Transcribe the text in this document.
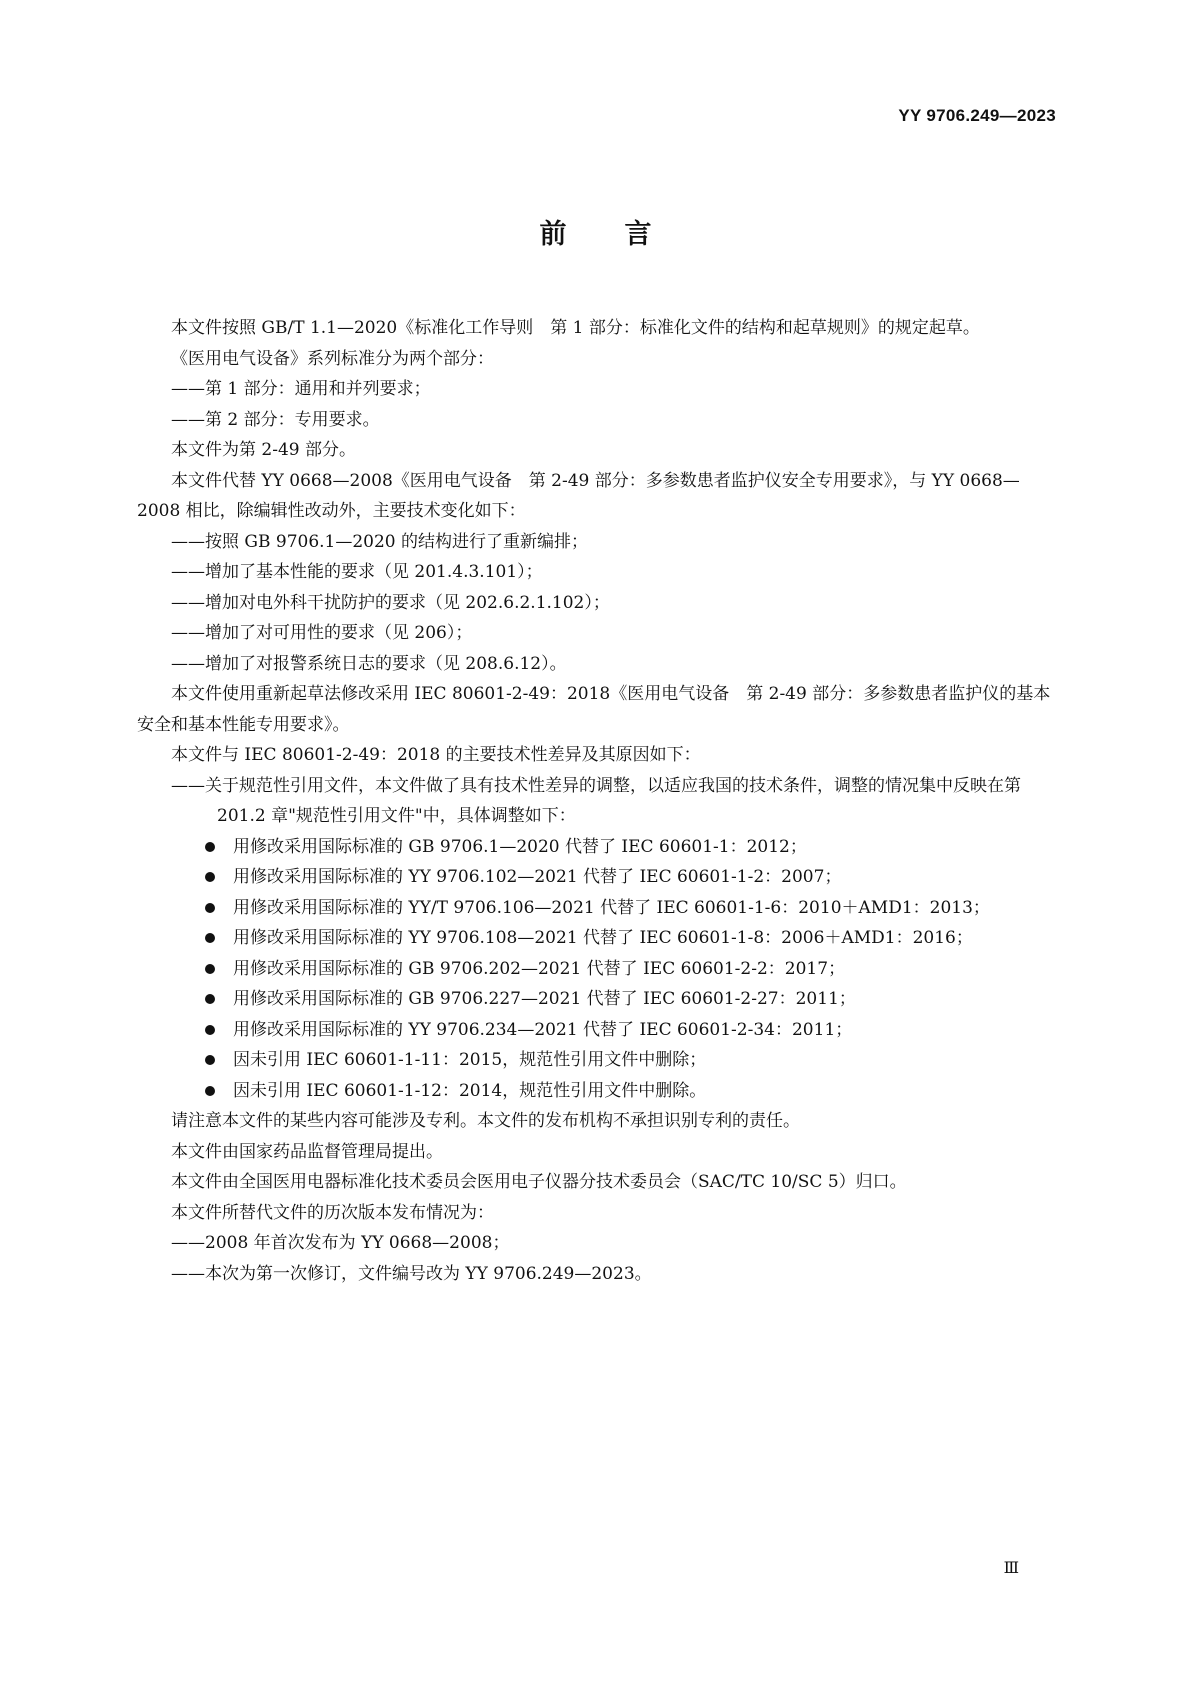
YY 9706.249—2023
前言

本文件按照 GB/T 1.1—2020《标准化工作导则　第 1 部分：标准化文件的结构和起草规则》的规定起草。

《医用电气设备》系列标准分为两个部分：

——第 1 部分：通用和并列要求；

——第 2 部分：专用要求。

本文件为第 2-49 部分。

本文件代替 YY 0668—2008《医用电气设备　第 2-49 部分：多参数患者监护仪安全专用要求》，与 YY 0668—2008 相比，除编辑性改动外，主要技术变化如下：

——按照 GB 9706.1—2020 的结构进行了重新编排；

——增加了基本性能的要求（见 201.4.3.101）；

——增加对电外科干扰防护的要求（见 202.6.2.1.102）；

——增加了对可用性的要求（见 206）；

——增加了对报警系统日志的要求（见 208.6.12）。

本文件使用重新起草法修改采用 IEC 80601-2-49：2018《医用电气设备　第 2-49 部分：多参数患者监护仪的基本安全和基本性能专用要求》。

本文件与 IEC 80601-2-49：2018 的主要技术性差异及其原因如下：

——关于规范性引用文件，本文件做了具有技术性差异的调整，以适应我国的技术条件，调整的情况集中反映在第 201.2 章"规范性引用文件"中，具体调整如下：

用修改采用国际标准的 GB 9706.1—2020 代替了 IEC 60601-1：2012；
用修改采用国际标准的 YY 9706.102—2021 代替了 IEC 60601-1-2：2007；
用修改采用国际标准的 YY/T 9706.106—2021 代替了 IEC 60601-1-6：2010＋AMD1：2013；
用修改采用国际标准的 YY 9706.108—2021 代替了 IEC 60601-1-8：2006＋AMD1：2016；
用修改采用国际标准的 GB 9706.202—2021 代替了 IEC 60601-2-2：2017；
用修改采用国际标准的 GB 9706.227—2021 代替了 IEC 60601-2-27：2011；
用修改采用国际标准的 YY 9706.234—2021 代替了 IEC 60601-2-34：2011；
因未引用 IEC 60601-1-11：2015，规范性引用文件中删除；
因未引用 IEC 60601-1-12：2014，规范性引用文件中删除。

请注意本文件的某些内容可能涉及专利。本文件的发布机构不承担识别专利的责任。

本文件由国家药品监督管理局提出。

本文件由全国医用电器标准化技术委员会医用电子仪器分技术委员会（SAC/TC 10/SC 5）归口。

本文件所替代文件的历次版本发布情况为：

——2008 年首次发布为 YY 0668—2008；

——本次为第一次修订，文件编号改为 YY 9706.249—2023。

Ⅲ
